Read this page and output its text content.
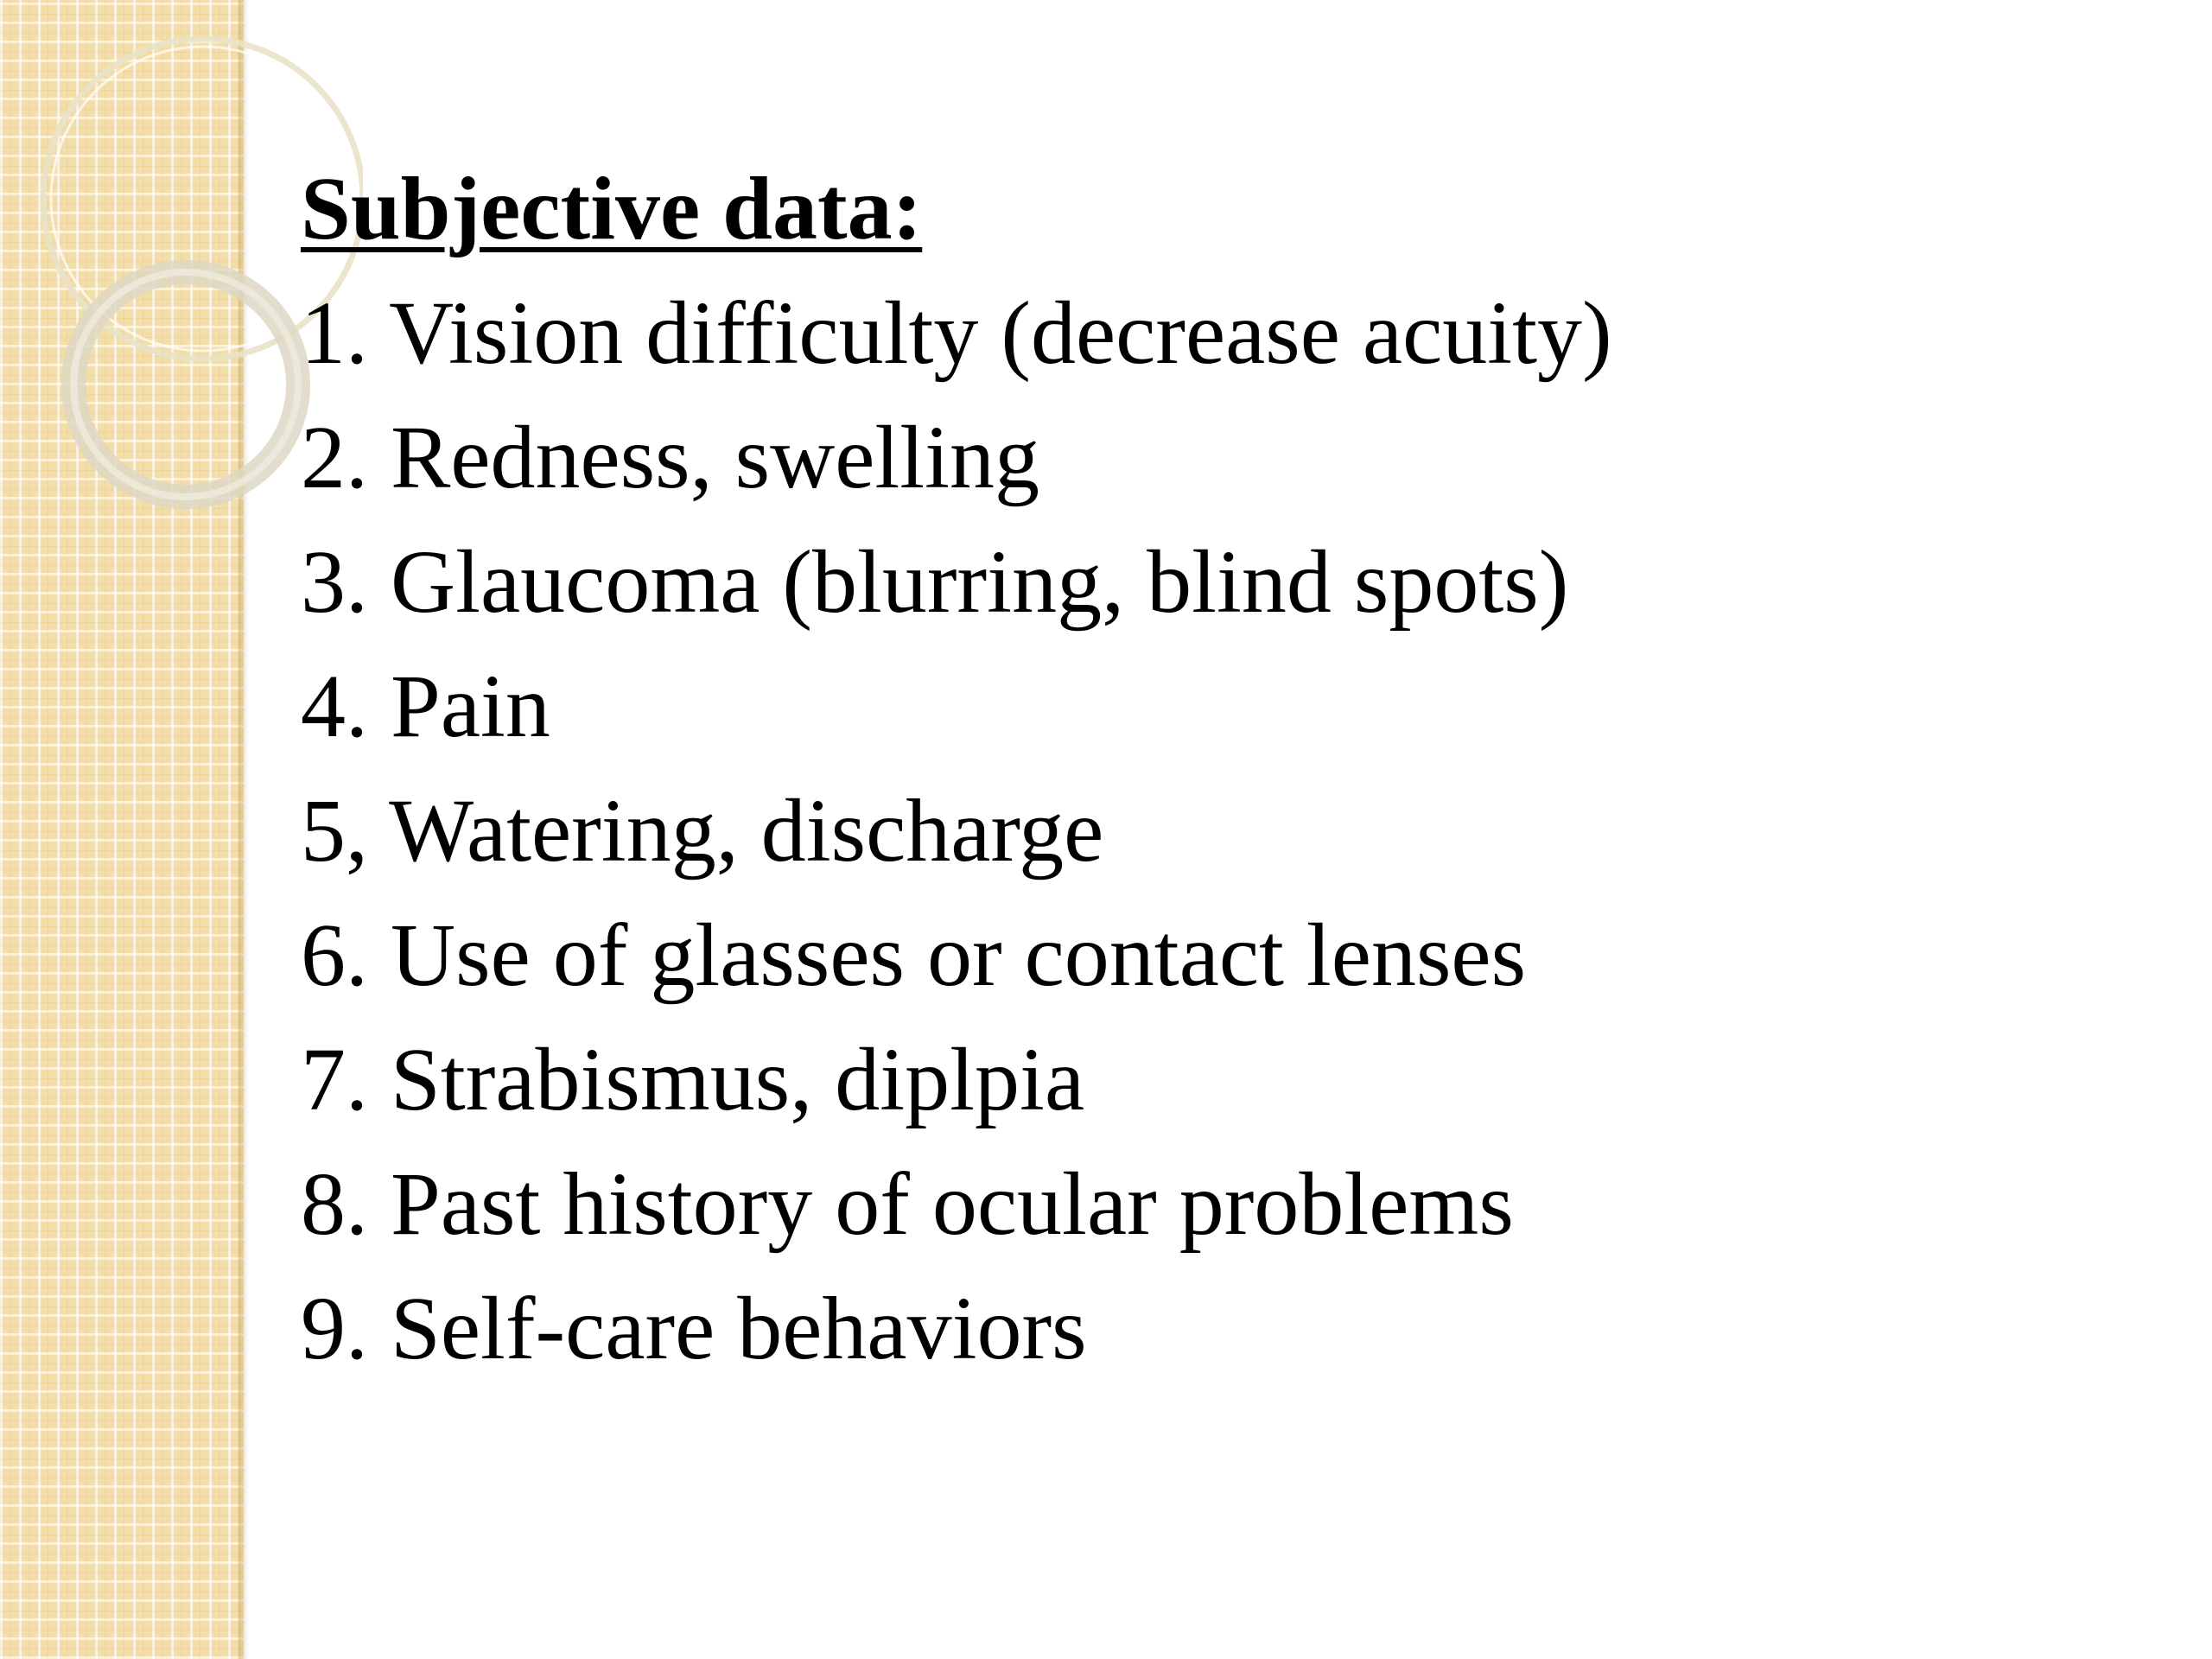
Subjective data:
1. Vision difficulty (decrease acuity)
2. Redness, swelling
3. Glaucoma (blurring, blind spots)
4. Pain
5, Watering, discharge
6. Use of glasses or contact lenses
7. Strabismus, diplpia
8. Past history of ocular problems
9. Self-care behaviors
